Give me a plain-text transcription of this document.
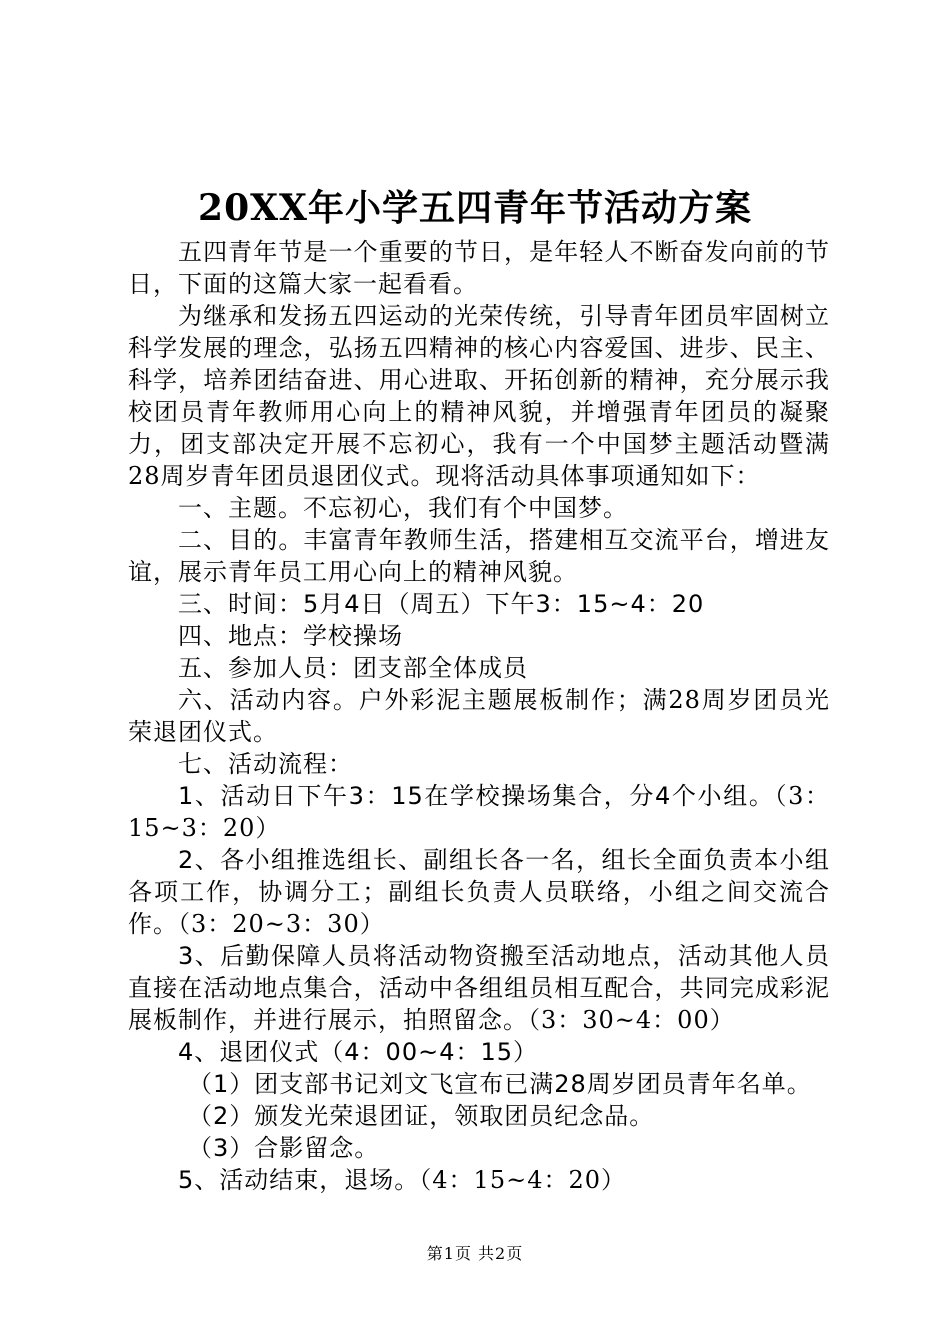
20XX年小学五四青年节活动方案

五四青年节是一个重要的节日，是年轻人不断奋发向前的节日，下面的这篇大家一起看看。

为继承和发扬五四运动的光荣传统，引导青年团员牢固树立科学发展的理念，弘扬五四精神的核心内容爱国、进步、民主、科学，培养团结奋进、用心进取、开拓创新的精神，充分展示我校团员青年教师用心向上的精神风貌，并增强青年团员的凝聚力，团支部决定开展不忘初心，我有一个中国梦主题活动暨满28周岁青年团员退团仪式。现将活动具体事项通知如下：

一、主题。不忘初心，我们有个中国梦。

二、目的。丰富青年教师生活，搭建相互交流平台，增进友谊，展示青年员工用心向上的精神风貌。

三、时间：5月4日（周五）下午3：15~4：20

四、地点：学校操场

五、参加人员：团支部全体成员

六、活动内容。户外彩泥主题展板制作；满28周岁团员光荣退团仪式。

七、活动流程：

1、活动日下午3：15在学校操场集合，分4个小组。（3：15~3：20）

2、各小组推选组长、副组长各一名，组长全面负责本小组各项工作，协调分工；副组长负责人员联络，小组之间交流合作。（3：20~3：30）

3、后勤保障人员将活动物资搬至活动地点，活动其他人员直接在活动地点集合，活动中各组组员相互配合，共同完成彩泥展板制作，并进行展示，拍照留念。（3：30~4：00）

4、退团仪式（4：00~4：15）

（1）团支部书记刘文飞宣布已满28周岁团员青年名单。

（2）颁发光荣退团证，领取团员纪念品。

（3）合影留念。

5、活动结束，退场。（4：15~4：20）

第1页 共2页
